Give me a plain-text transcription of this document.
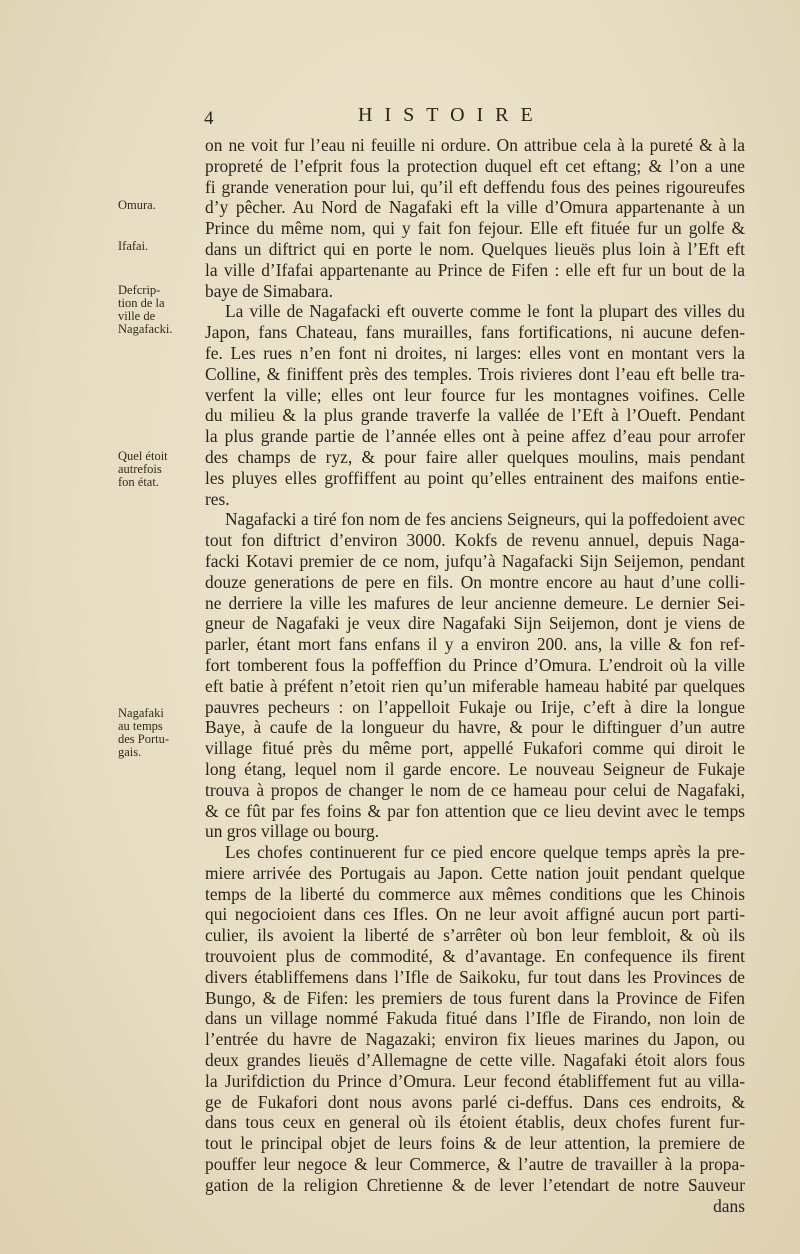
4	HISTOIRE
Omura.
Ifafai.
Defcrip-
tion de la
ville de
Nagafacki.
Quel étoit
autrefois
fon état.
Nagafaki
au temps
des Portu-
gais.
on ne voit fur l’eau ni feuille ni ordure. On attribue cela à la pureté & à la
propreté de l’efprit fous la protection duquel eft cet eftang; & l’on a une
fi grande veneration pour lui, qu’il eft deffendu fous des peines rigoureufes
d’y pêcher. Au Nord de Nagafaki eft la ville d’Omura appartenante à un
Prince du même nom, qui y fait fon fejour. Elle eft fituée fur un golfe &
dans un diftrict qui en porte le nom. Quelques lieuës plus loin à l’Eft eft
la ville d’Ifafai appartenante au Prince de Fifen : elle eft fur un bout de la
baye de Simabara.
La ville de Nagafacki eft ouverte comme le font la plupart des villes du
Japon, fans Chateau, fans murailles, fans fortifications, ni aucune defen-
fe. Les rues n’en font ni droites, ni larges: elles vont en montant vers la
Colline, & finiffent près des temples. Trois rivieres dont l’eau eft belle tra-
verfent la ville; elles ont leur fource fur les montagnes voifines. Celle
du milieu & la plus grande traverfe la vallée de l’Eft à l’Oueft. Pendant
la plus grande partie de l’année elles ont à peine affez d’eau pour arrofer
des champs de ryz, & pour faire aller quelques moulins, mais pendant
les pluyes elles groffiffent au point qu’elles entrainent des maifons entie-
res.
Nagafacki a tiré fon nom de fes anciens Seigneurs, qui la poffedoient avec
tout fon diftrict d’environ 3000. Kokfs de revenu annuel, depuis Naga-
facki Kotavi premier de ce nom, jufqu’à Nagafacki Sijn Seijemon, pendant
douze generations de pere en fils. On montre encore au haut d’une colli-
ne derriere la ville les mafures de leur ancienne demeure. Le dernier Sei-
gneur de Nagafaki je veux dire Nagafaki Sijn Seijemon, dont je viens de
parler, étant mort fans enfans il y a environ 200. ans, la ville & fon ref-
fort tomberent fous la poffeffion du Prince d’Omura. L’endroit où la ville
eft batie à préfent n’etoit rien qu’un miferable hameau habité par quelques
pauvres pecheurs : on l’appelloit Fukaje ou Irije, c’eft à dire la longue
Baye, à caufe de la longueur du havre, & pour le diftinguer d’un autre
village fitué près du même port, appellé Fukafori comme qui diroit le
long étang, lequel nom il garde encore. Le nouveau Seigneur de Fukaje
trouva à propos de changer le nom de ce hameau pour celui de Nagafaki,
& ce fût par fes foins & par fon attention que ce lieu devint avec le temps
un gros village ou bourg.
Les chofes continuerent fur ce pied encore quelque temps après la pre-
miere arrivée des Portugais au Japon. Cette nation jouit pendant quelque
temps de la liberté du commerce aux mêmes conditions que les Chinois
qui negocioient dans ces Ifles. On ne leur avoit affigné aucun port parti-
culier, ils avoient la liberté de s’arrêter où bon leur fembloit, & où ils
trouvoient plus de commodité, & d’avantage. En confequence ils firent
divers établiffemens dans l’Ifle de Saikoku, fur tout dans les Provinces de
Bungo, & de Fifen: les premiers de tous furent dans la Province de Fifen
dans un village nommé Fakuda fitué dans l’Ifle de Firando, non loin de
l’entrée du havre de Nagazaki; environ fix lieues marines du Japon, ou
deux grandes lieuës d’Allemagne de cette ville. Nagafaki étoit alors fous
la Jurifdiction du Prince d’Omura. Leur fecond établiffement fut au villa-
ge de Fukafori dont nous avons parlé ci-deffus. Dans ces endroits, &
dans tous ceux en general où ils étoient établis, deux chofes furent fur-
tout le principal objet de leurs foins & de leur attention, la premiere de
pouffer leur negoce & leur Commerce, & l’autre de travailler à la propa-
gation de la religion Chretienne & de lever l’etendart de notre Sauveur
dans
